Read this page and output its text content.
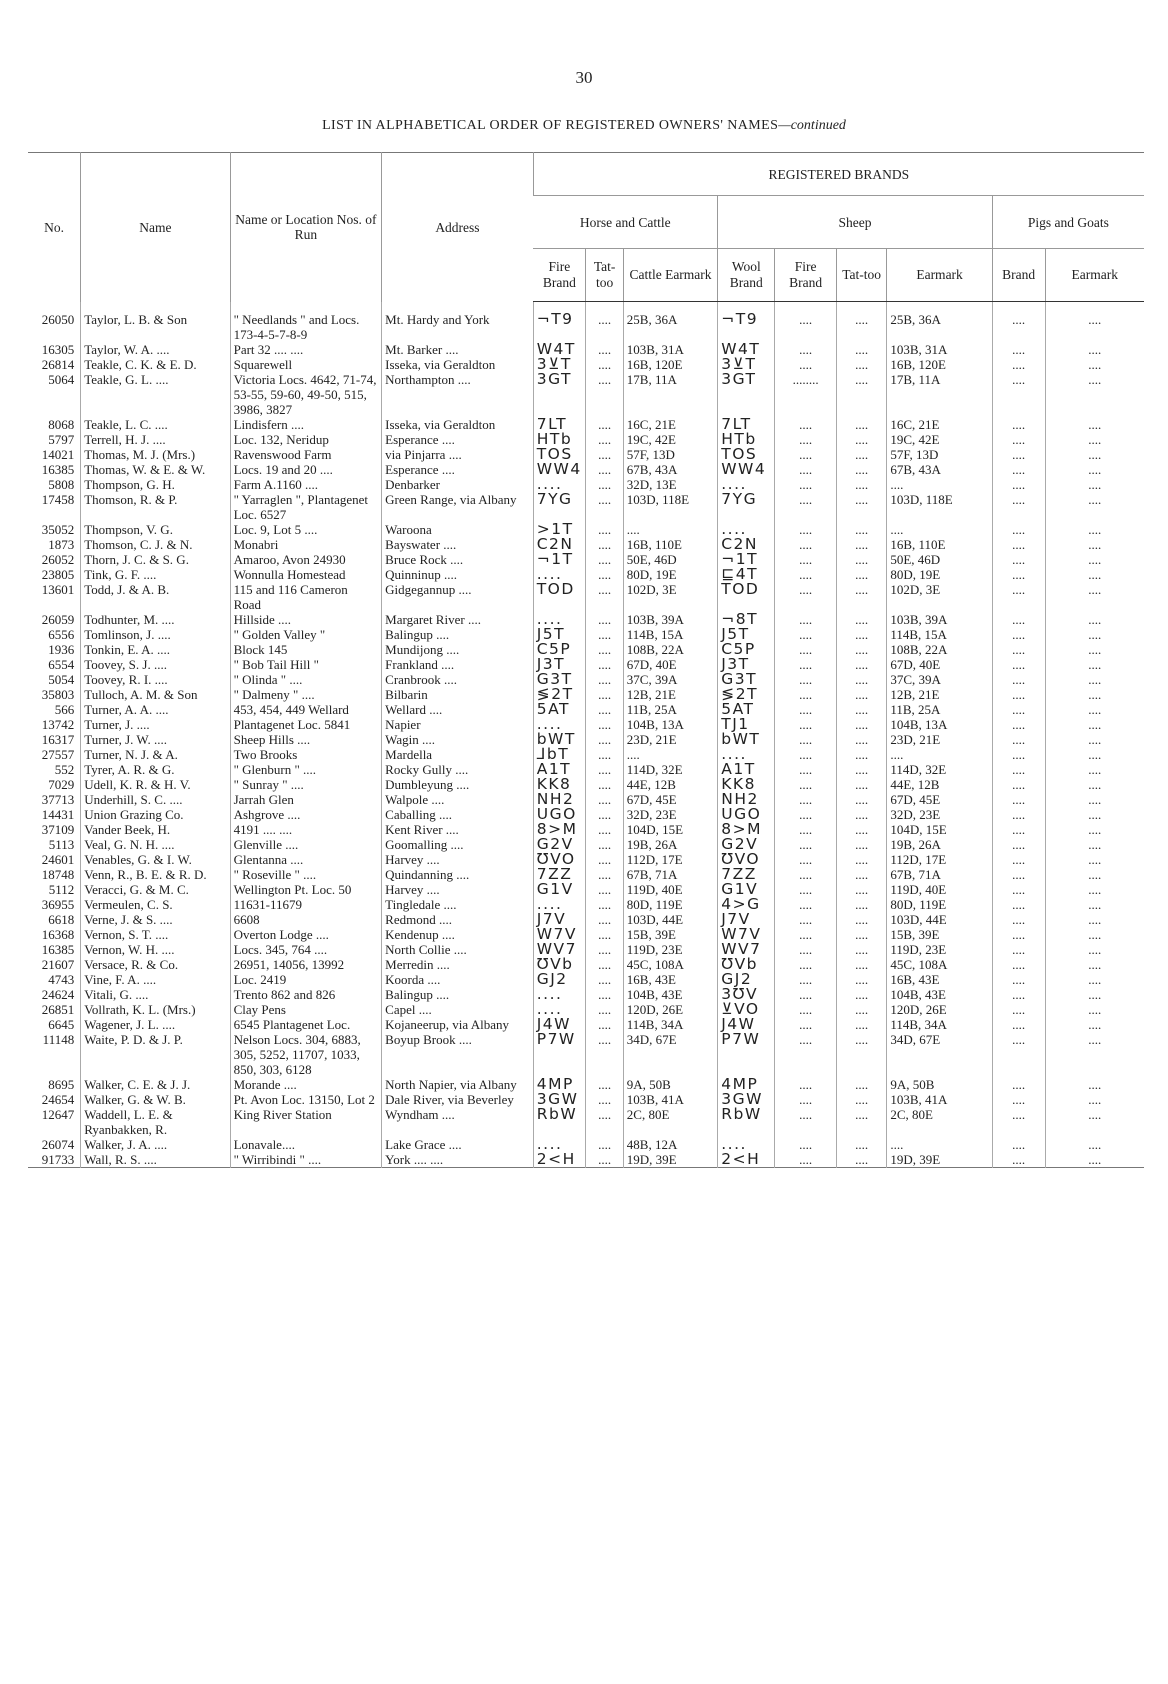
30
LIST IN ALPHABETICAL ORDER OF REGISTERED OWNERS' NAMES—continued
No.	Name	Name or Location Nos. of Run	Address	REGISTERED BRANDS								
				Horse and Cattle			Sheep				Pigs and Goats	
				Fire Brand	Tat-too	Cattle Earmark	Wool Brand	Fire Brand	Tat-too	Earmark	Brand	Earmark

26050	Taylor, L. B. & Son	" Needlands " and Locs. 173-4-5-7-8-9	Mt. Hardy and York	¬T9	....	25B, 36A	¬T9	....	....	25B, 36A	....	....
16305	Taylor, W. A. ....	Part 32 .... ....	Mt. Barker ....	W4T	....	103B, 31A	W4T	....	....	103B, 31A	....	....
26814	Teakle, C. K. & E. D.	Squarewell	Isseka, via Geraldton	3⊻T	....	16B, 120E	3⊻T	....	....	16B, 120E	....	....
5064	Teakle, G. L. ....	Victoria Locs. 4642, 71-74, 53-55, 59-60, 49-50, 515, 3986, 3827	Northampton ....	3GT	....	17B, 11A	3GT	........	....	17B, 11A	....	....
8068	Teakle, L. C. ....	Lindisfern ....	Isseka, via Geraldton	7LT	....	16C, 21E	7LT	....	....	16C, 21E	....	....
5797	Terrell, H. J. ....	Loc. 132, Neridup	Esperance ....	HTb	....	19C, 42E	HTb	....	....	19C, 42E	....	....
14021	Thomas, M. J. (Mrs.)	Ravenswood Farm	via Pinjarra ....	TOS	....	57F, 13D	TOS	....	....	57F, 13D	....	....
16385	Thomas, W. & E. & W.	Locs. 19 and 20 ....	Esperance ....	WW4	....	67B, 43A	WW4	....	....	67B, 43A	....	....
5808	Thompson, G. H.	Farm A.1160 ....	Denbarker	....	....	32D, 13E	....	....	....	....	....	....
17458	Thomson, R. & P.	" Yarraglen ", Plantagenet Loc. 6527	Green Range, via Albany	7YG	....	103D, 118E	7YG	....	....	103D, 118E	....	....
35052	Thompson, V. G.	Loc. 9, Lot 5 ....	Waroona	>1T	....	....	....	....	....	....	....	....
1873	Thomson, C. J. & N.	Monabri	Bayswater ....	C2N	....	16B, 110E	C2N	....	....	16B, 110E	....	....
26052	Thorn, J. C. & S. G.	Amaroo, Avon 24930	Bruce Rock ....	¬1T	....	50E, 46D	¬1T	....	....	50E, 46D	....	....
23805	Tink, G. F. ....	Wonnulla Homestead	Quinninup ....	....	....	80D, 19E	⊑4T	....	....	80D, 19E	....	....
13601	Todd, J. & A. B.	115 and 116 Cameron Road	Gidgegannup ....	TOD	....	102D, 3E	TOD	....	....	102D, 3E	....	....
26059	Todhunter, M. ....	Hillside ....	Margaret River ....	....	....	103B, 39A	¬8T	....	....	103B, 39A	....	....
6556	Tomlinson, J. ....	" Golden Valley "	Balingup ....	J5T	....	114B, 15A	J5T	....	....	114B, 15A	....	....
1936	Tonkin, E. A. ....	Block 145	Mundijong ....	C5P	....	108B, 22A	C5P	....	....	108B, 22A	....	....
6554	Toovey, S. J. ....	" Bob Tail Hill "	Frankland ....	J3T	....	67D, 40E	J3T	....	....	67D, 40E	....	....
5054	Toovey, R. I. ....	" Olinda " ....	Cranbrook ....	G3T	....	37C, 39A	G3T	....	....	37C, 39A	....	....
35803	Tulloch, A. M. & Son	" Dalmeny " ....	Bilbarin	≶2T	....	12B, 21E	≶2T	....	....	12B, 21E	....	....
566	Turner, A. A. ....	453, 454, 449 Wellard	Wellard ....	5AT	....	11B, 25A	5AT	....	....	11B, 25A	....	....
13742	Turner, J. ....	Plantagenet Loc. 5841	Napier	....	....	104B, 13A	TJ1	....	....	104B, 13A	....	....
16317	Turner, J. W. ....	Sheep Hills ....	Wagin ....	bWT	....	23D, 21E	bWT	....	....	23D, 21E	....	....
27557	Turner, N. J. & A.	Two Brooks	Mardella	⅃bT	....	....	....	....	....	....	....	....
552	Tyrer, A. R. & G.	" Glenburn " ....	Rocky Gully ....	A1T	....	114D, 32E	A1T	....	....	114D, 32E	....	....
7029	Udell, K. R. & H. V.	" Sunray " ....	Dumbleyung ....	KK8	....	44E, 12B	KK8	....	....	44E, 12B	....	....
37713	Underhill, S. C. ....	Jarrah Glen	Walpole ....	NH2	....	67D, 45E	NH2	....	....	67D, 45E	....	....
14431	Union Grazing Co.	Ashgrove ....	Caballing ....	UGO	....	32D, 23E	UGO	....	....	32D, 23E	....	....
37109	Vander Beek, H.	4191 .... ....	Kent River ....	8>M	....	104D, 15E	8>M	....	....	104D, 15E	....	....
5113	Veal, G. N. H. ....	Glenville ....	Goomalling ....	G2V	....	19B, 26A	G2V	....	....	19B, 26A	....	....
24601	Venables, G. & I. W.	Glentanna ....	Harvey ....	ƱVO	....	112D, 17E	ƱVO	....	....	112D, 17E	....	....
18748	Venn, R., B. E. & R. D.	" Roseville " ....	Quindanning ....	7ZZ	....	67B, 71A	7ZZ	....	....	67B, 71A	....	....
5112	Veracci, G. & M. C.	Wellington Pt. Loc. 50	Harvey ....	G1V	....	119D, 40E	G1V	....	....	119D, 40E	....	....
36955	Vermeulen, C. S.	11631-11679	Tingledale ....	....	....	80D, 119E	4>G	....	....	80D, 119E	....	....
6618	Verne, J. & S. ....	6608	Redmond ....	J7V	....	103D, 44E	J7V	....	....	103D, 44E	....	....
16368	Vernon, S. T. ....	Overton Lodge ....	Kendenup ....	W7V	....	15B, 39E	W7V	....	....	15B, 39E	....	....
16385	Vernon, W. H. ....	Locs. 345, 764 ....	North Collie ....	WV7	....	119D, 23E	WV7	....	....	119D, 23E	....	....
21607	Versace, R. & Co.	26951, 14056, 13992	Merredin ....	ƱVb	....	45C, 108A	ƱVb	....	....	45C, 108A	....	....
4743	Vine, F. A. ....	Loc. 2419	Koorda ....	GJ2	....	16B, 43E	GJ2	....	....	16B, 43E	....	....
24624	Vitali, G. ....	Trento 862 and 826	Balingup ....	....	....	104B, 43E	3ƱV	....	....	104B, 43E	....	....
26851	Vollrath, K. L. (Mrs.)	Clay Pens	Capel ....	....	....	120D, 26E	⊻VO	....	....	120D, 26E	....	....
6645	Wagener, J. L. ....	6545 Plantagenet Loc.	Kojaneerup, via Albany	J4W	....	114B, 34A	J4W	....	....	114B, 34A	....	....
11148	Waite, P. D. & J. P.	Nelson Locs. 304, 6883, 305, 5252, 11707, 1033, 850, 303, 6128	Boyup Brook ....	P7W	....	34D, 67E	P7W	....	....	34D, 67E	....	....
8695	Walker, C. E. & J. J.	Morande ....	North Napier, via Albany	4MP	....	9A, 50B	4MP	....	....	9A, 50B	....	....
24654	Walker, G. & W. B.	Pt. Avon Loc. 13150, Lot 2	Dale River, via Beverley	3GW	....	103B, 41A	3GW	....	....	103B, 41A	....	....
12647	Waddell, L. E. & Ryanbakken, R.	King River Station	Wyndham ....	RbW	....	2C, 80E	RbW	....	....	2C, 80E	....	....
26074	Walker, J. A. ....	Lonavale....	Lake Grace ....	....	....	48B, 12A	....	....	....	....	....	....
91733	Wall, R. S. ....	" Wirribindi " ....	York .... ....	2<H	....	19D, 39E	2<H	....	....	19D, 39E	....	....
